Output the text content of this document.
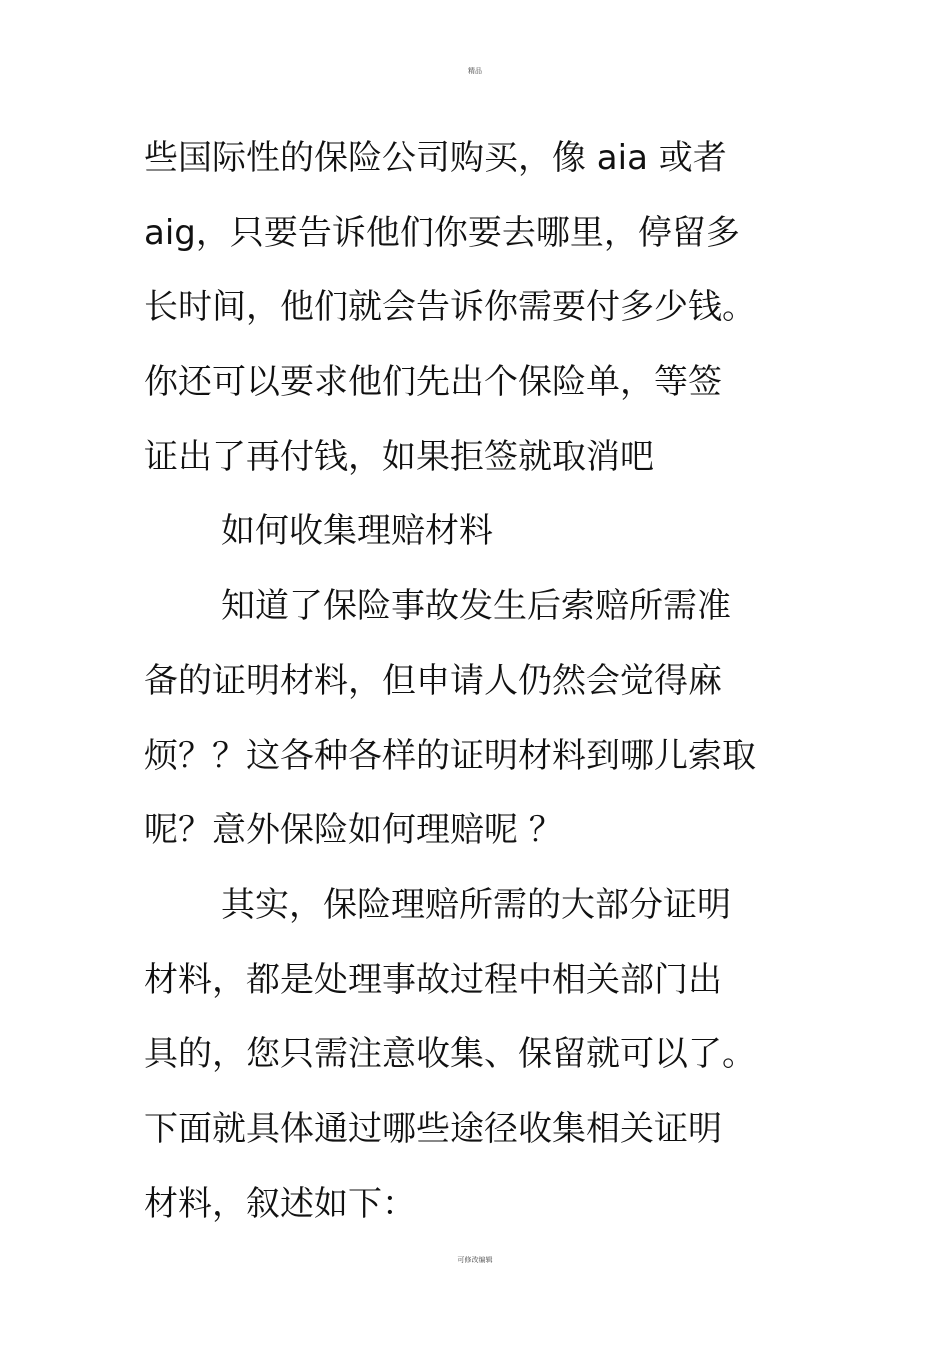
精品
些国际性的保险公司购买，像 aia 或者
aig，只要告诉他们你要去哪里，停留多
长时间，他们就会告诉你需要付多少钱。
你还可以要求他们先出个保险单，等签
证出了再付钱，如果拒签就取消吧
如何收集理赔材料
知道了保险事故发生后索赔所需准
备的证明材料，但申请人仍然会觉得麻
烦？？这各种各样的证明材料到哪儿索取
呢？意外保险如何理赔呢 ？
其实，保险理赔所需的大部分证明
材料，都是处理事故过程中相关部门出
具的，您只需注意收集、保留就可以了。
下面就具体通过哪些途径收集相关证明
材料，叙述如下：
可修改编辑
